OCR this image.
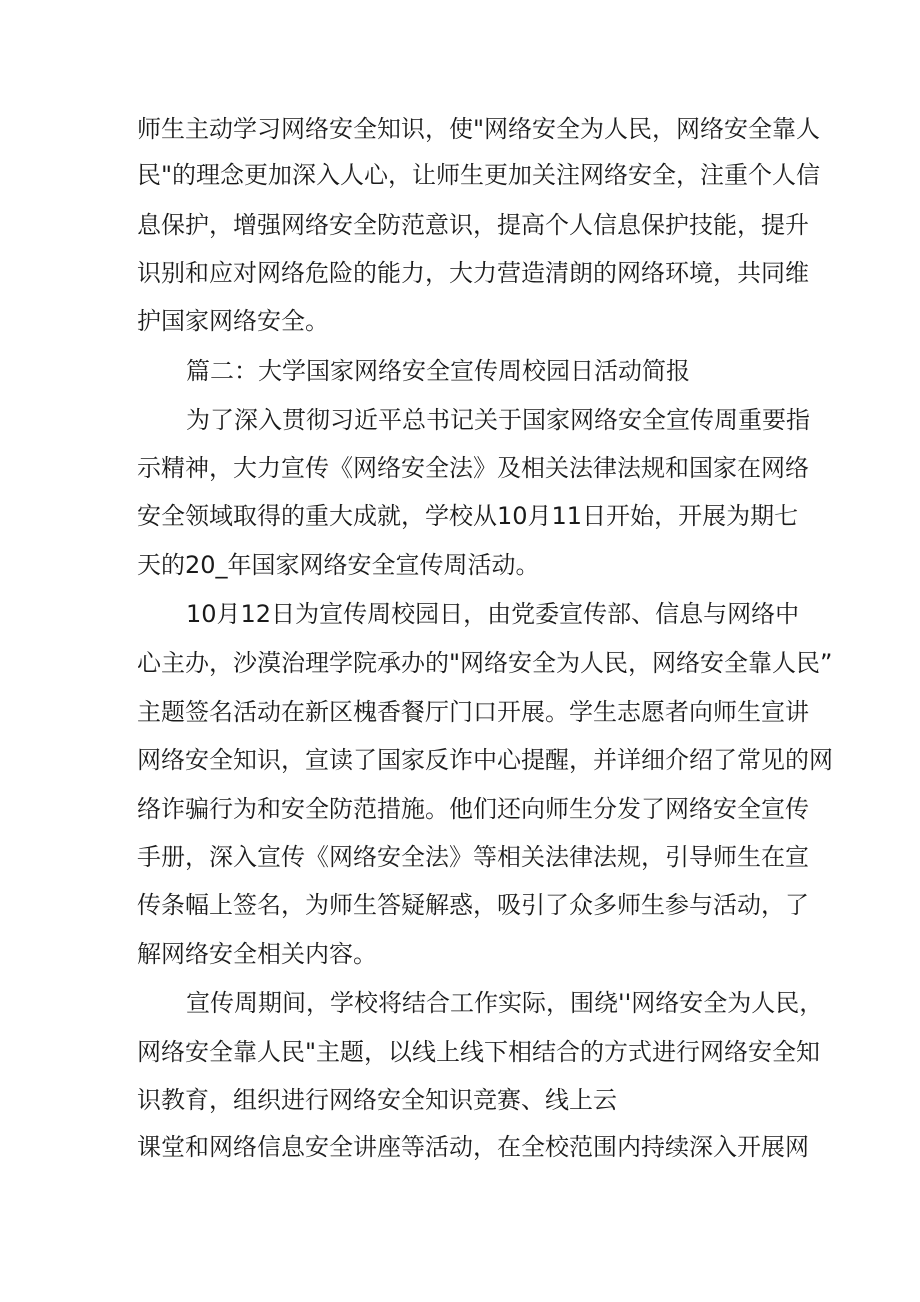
师生主动学习网络安全知识，使"网络安全为人民，网络安全靠人

民"的理念更加深入人心，让师生更加关注网络安全，注重个人信

息保护，增强网络安全防范意识，提高个人信息保护技能，提升

识别和应对网络危险的能力，大力营造清朗的网络环境，共同维

护国家网络安全。

篇二：大学国家网络安全宣传周校园日活动简报

为了深入贯彻习近平总书记关于国家网络安全宣传周重要指

示精神，大力宣传《网络安全法》及相关法律法规和国家在网络

安全领域取得的重大成就，学校从10月11日开始，开展为期七

天的20_年国家网络安全宣传周活动。

10月12日为宣传周校园日，由党委宣传部、信息与网络中

心主办，沙漠治理学院承办的"网络安全为人民，网络安全靠人民”

主题签名活动在新区槐香餐厅门口开展。学生志愿者向师生宣讲

网络安全知识，宣读了国家反诈中心提醒，并详细介绍了常见的网

络诈骗行为和安全防范措施。他们还向师生分发了网络安全宣传

手册，深入宣传《网络安全法》等相关法律法规，引导师生在宣

传条幅上签名，为师生答疑解惑，吸引了众多师生参与活动，了

解网络安全相关内容。

宣传周期间，学校将结合工作实际，围绕''网络安全为人民，

网络安全靠人民"主题，以线上线下相结合的方式进行网络安全知

识教育，组织进行网络安全知识竞赛、线上云

课堂和网络信息安全讲座等活动，在全校范围内持续深入开展网
